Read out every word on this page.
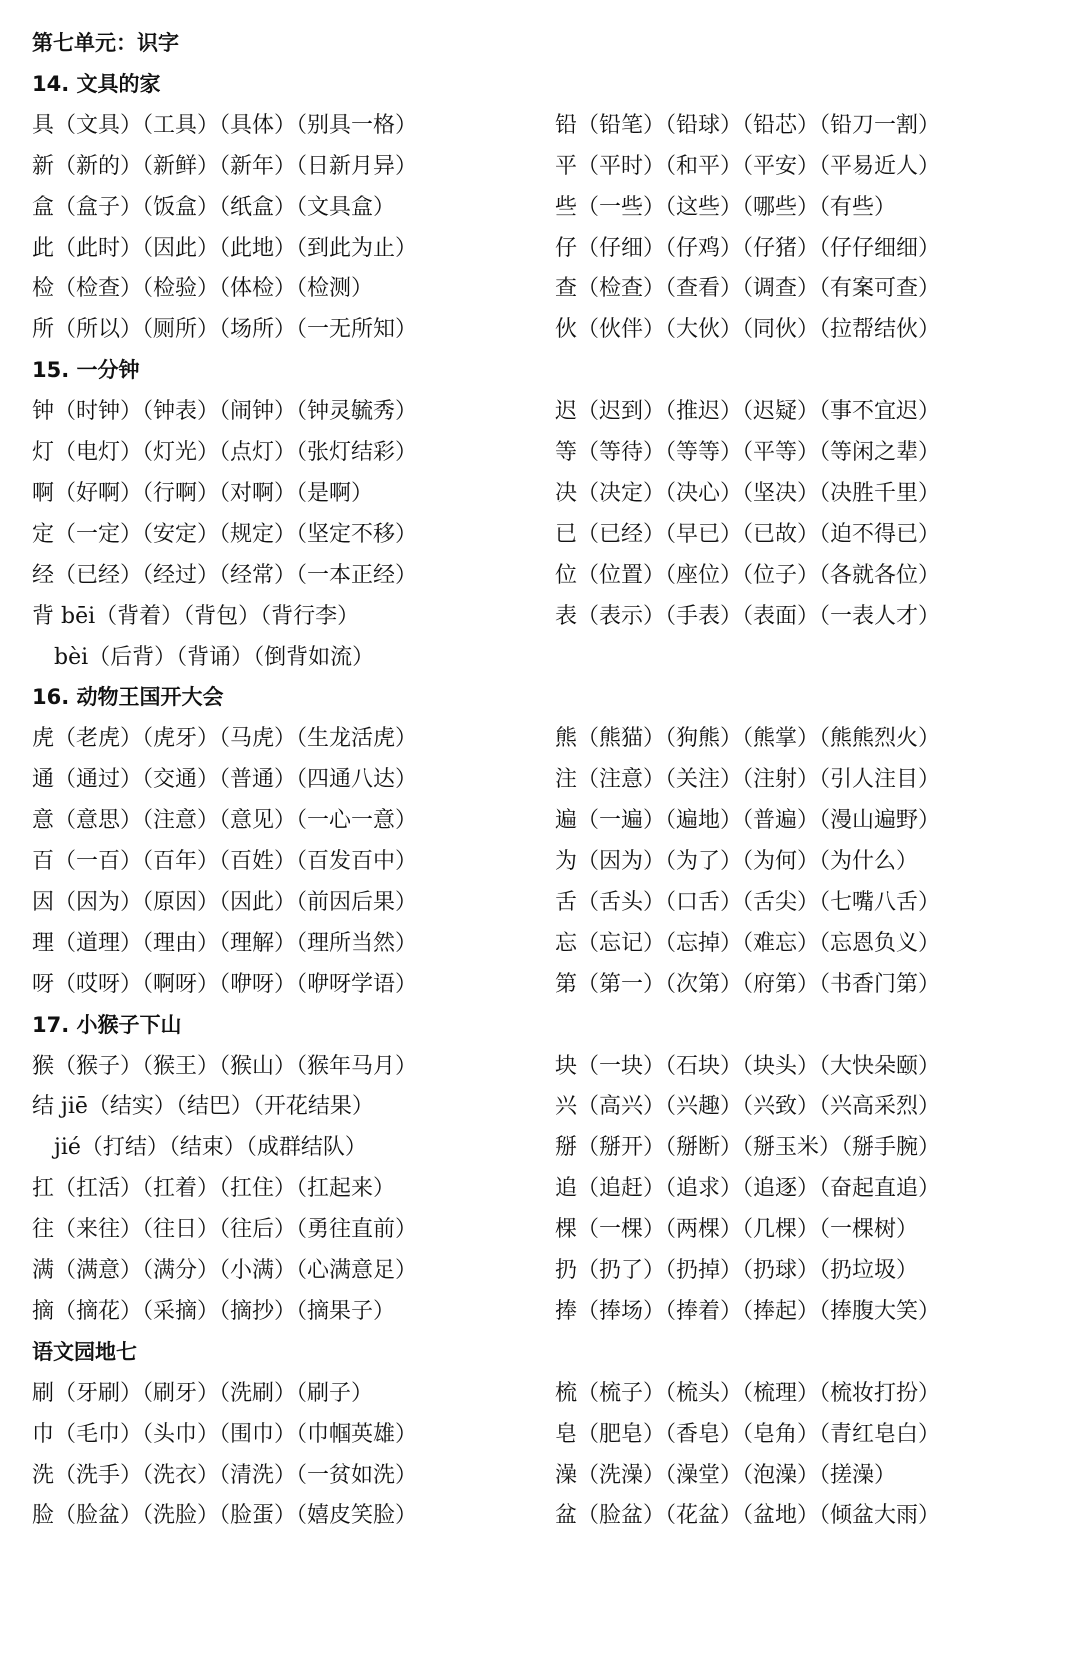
第七单元：识字
14. 文具的家
具（文具）（工具）（具体）（别具一格）	铅（铅笔）（铅球）（铅芯）（铅刀一割）
新（新的）（新鲜）（新年）（日新月异）	平（平时）（和平）（平安）（平易近人）
盒（盒子）（饭盒）（纸盒）（文具盒）	些（一些）（这些）（哪些）（有些）
此（此时）（因此）（此地）（到此为止）	仔（仔细）（仔鸡）（仔猪）（仔仔细细）
检（检查）（检验）（体检）（检测）	查（检查）（查看）（调查）（有案可查）
所（所以）（厕所）（场所）（一无所知）	伙（伙伴）（大伙）（同伙）（拉帮结伙）
15. 一分钟
钟（时钟）（钟表）（闹钟）（钟灵毓秀）	迟（迟到）（推迟）（迟疑）（事不宜迟）
灯（电灯）（灯光）（点灯）（张灯结彩）	等（等待）（等等）（平等）（等闲之辈）
啊（好啊）（行啊）（对啊）（是啊）	决（决定）（决心）（坚决）（决胜千里）
定（一定）（安定）（规定）（坚定不移）	已（已经）（早已）（已故）（迫不得已）
经（已经）（经过）（经常）（一本正经）	位（位置）（座位）（位子）（各就各位）
背 bēi（背着）（背包）（背行李）	表（表示）（手表）（表面）（一表人才）
bèi（后背）（背诵）（倒背如流）
16. 动物王国开大会
虎（老虎）（虎牙）（马虎）（生龙活虎）	熊（熊猫）（狗熊）（熊掌）（熊熊烈火）
通（通过）（交通）（普通）（四通八达）	注（注意）（关注）（注射）（引人注目）
意（意思）（注意）（意见）（一心一意）	遍（一遍）（遍地）（普遍）（漫山遍野）
百（一百）（百年）（百姓）（百发百中）	为（因为）（为了）（为何）（为什么）
因（因为）（原因）（因此）（前因后果）	舌（舌头）（口舌）（舌尖）（七嘴八舌）
理（道理）（理由）（理解）（理所当然）	忘（忘记）（忘掉）（难忘）（忘恩负义）
呀（哎呀）（啊呀）（咿呀）（咿呀学语）	第（第一）（次第）（府第）（书香门第）
17. 小猴子下山
猴（猴子）（猴王）（猴山）（猴年马月）	块（一块）（石块）（块头）（大快朵颐）
结 jiē（结实）（结巴）（开花结果）	兴（高兴）（兴趣）（兴致）（兴高采烈）
jié（打结）（结束）（成群结队）	掰（掰开）（掰断）（掰玉米）（掰手腕）
扛（扛活）（扛着）（扛住）（扛起来）	追（追赶）（追求）（追逐）（奋起直追）
往（来往）（往日）（往后）（勇往直前）	棵（一棵）（两棵）（几棵）（一棵树）
满（满意）（满分）（小满）（心满意足）	扔（扔了）（扔掉）（扔球）（扔垃圾）
摘（摘花）（采摘）（摘抄）（摘果子）	捧（捧场）（捧着）（捧起）（捧腹大笑）
语文园地七
刷（牙刷）（刷牙）（洗刷）（刷子）	梳（梳子）（梳头）（梳理）（梳妆打扮）
巾（毛巾）（头巾）（围巾）（巾帼英雄）	皂（肥皂）（香皂）（皂角）（青红皂白）
洗（洗手）（洗衣）（清洗）（一贫如洗）	澡（洗澡）（澡堂）（泡澡）（搓澡）
脸（脸盆）（洗脸）（脸蛋）（嬉皮笑脸）	盆（脸盆）（花盆）（盆地）（倾盆大雨）
